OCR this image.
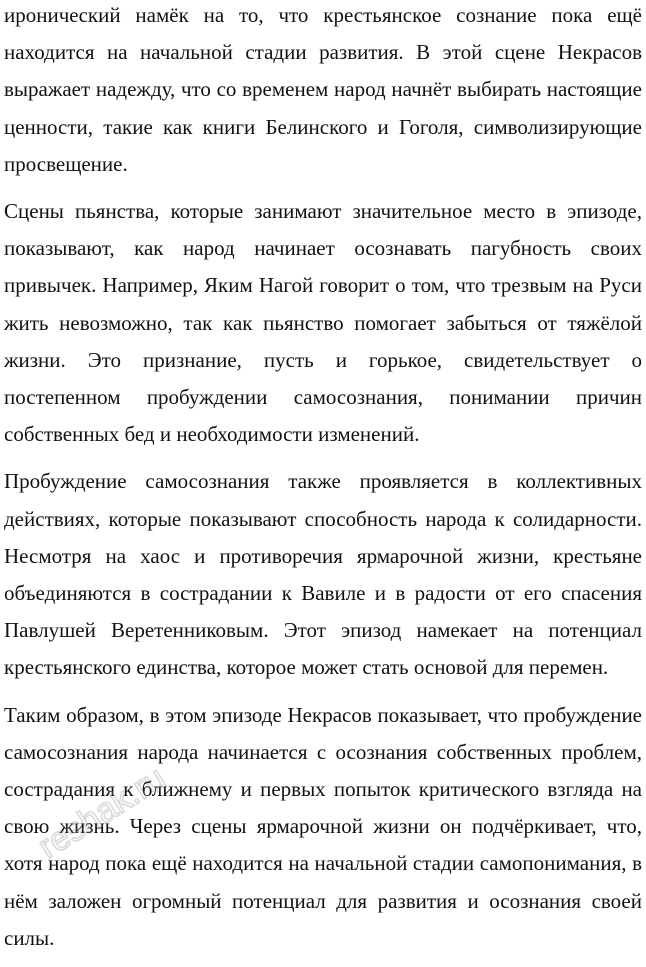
ироничеcкий намёк на то, что крестьянское сознание пока ещё находится на начальной стадии развития. В этой сцене Некрасов выражает надежду, что со временем народ начнёт выбирать настоящие ценности, такие как книги Белинского и Гоголя, символизирующие просвещение.

Сцены пьянства, которые занимают значительное место в эпизоде, показывают, как народ начинает осознавать пагубность своих привычек. Например, Яким Нагой говорит о том, что трезвым на Руси жить невозможно, так как пьянство помогает забыться от тяжёлой жизни. Это признание, пусть и горькое, свидетельствует о постепенном пробуждении самосознания, понимании причин собственных бед и необходимости изменений.

Пробуждение самосознания также проявляется в коллективных действиях, которые показывают способность народа к солидарности. Несмотря на хаос и противоречия ярмарочной жизни, крестьяне объединяются в сострадании к Вавиле и в радости от его спасения Павлушей Веретенниковым. Этот эпизод намекает на потенциал крестьянского единства, которое может стать основой для перемен.

Таким образом, в этом эпизоде Некрасов показывает, что пробуждение самосознания народа начинается с осознания собственных проблем, сострадания к ближнему и первых попыток критического взгляда на свою жизнь. Через сцены ярмарочной жизни он подчёркивает, что, хотя народ пока ещё находится на начальной стадии самопонимания, в нём заложен огромный потенциал для развития и осознания своей силы.

reshak.ru
